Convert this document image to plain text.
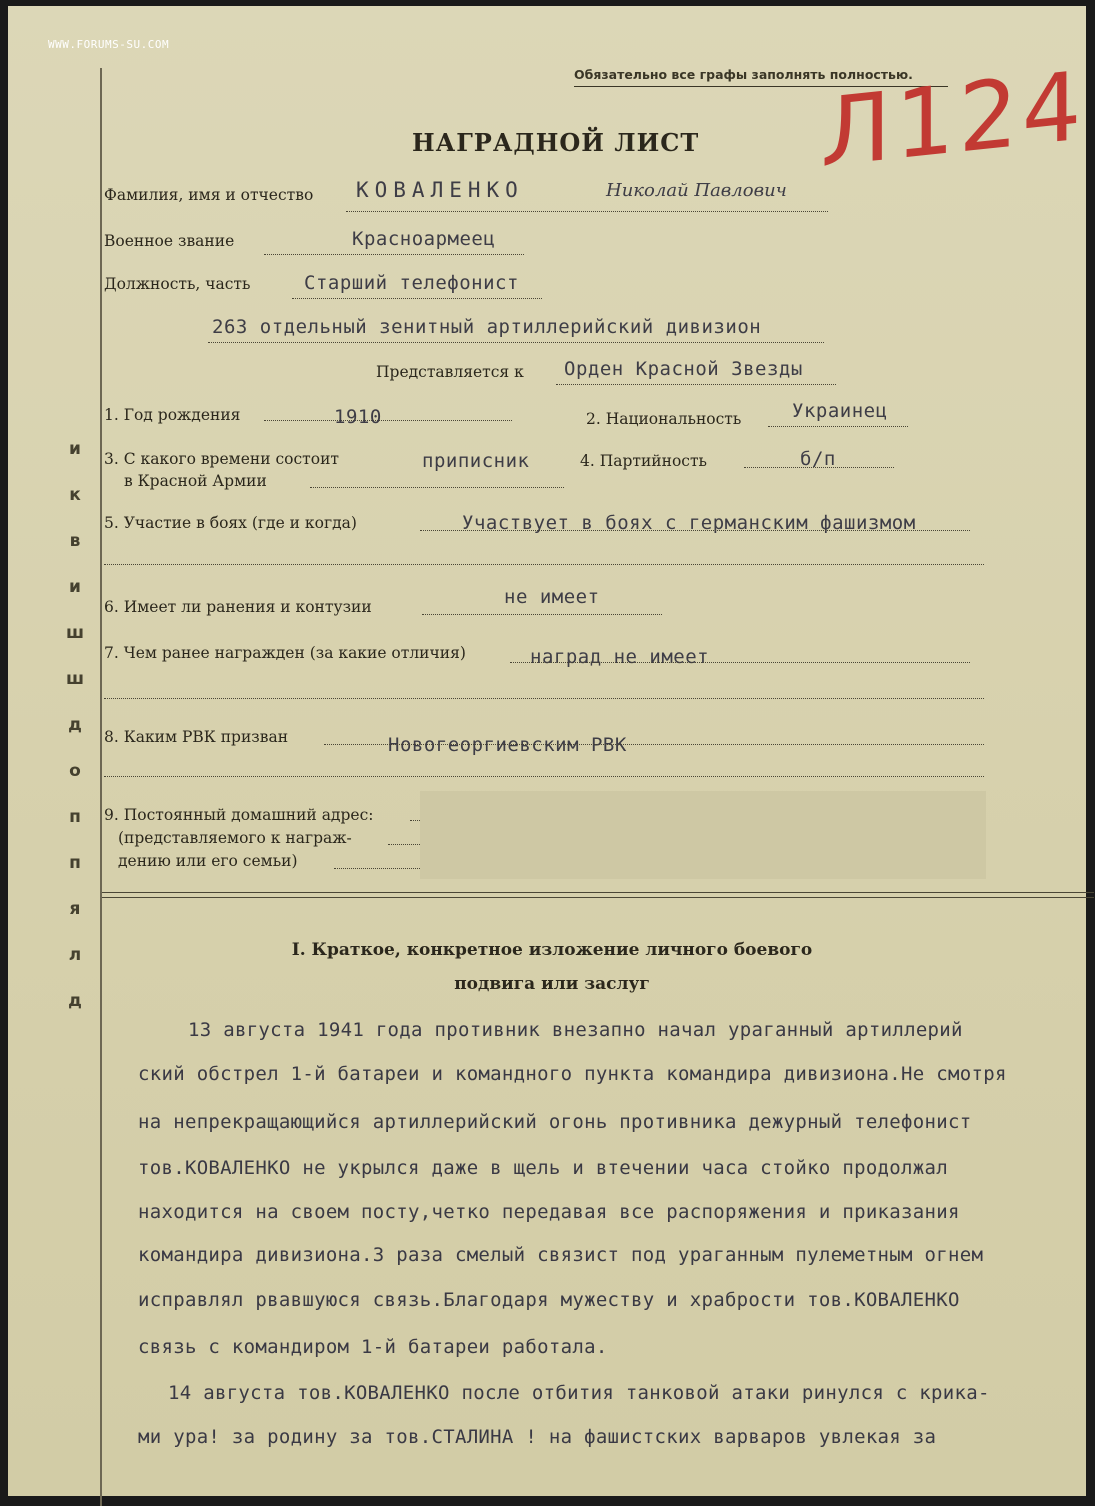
WWW.FORUMS-SU.COM
и
к
в
и
ш
ш
д
о
п
п
я
л
д
Обязательно все графы заполнять полностью.
Л124
НАГРАДНОЙ ЛИСТ
Фамилия, имя и отчество КОВАЛЕНКО	Николай Павлович
Военное звание	Красноармеец
Должность, часть	Старший телефонист
263 отдельный зенитный артиллерийский дивизион
Представляется к Орден Красной Звезды
1. Год рождения	1910	2. Национальность	Украинец
3. С какого времени состоит
в Красной Армии
приписник	4. Партийность	б/п
5. Участие в боях (где и когда)	Участвует в боях с германским фашизмом
6. Имеет ли ранения и контузии	не имеет
7. Чем ранее награжден (за какие отличия)	наград не имеет
8. Каким РВК призван	Новогеоргиевским РВК
9. Постоянный домашний адрес:
(представляемого к награж-
дению или его семьи)
I. Краткое, конкретное изложение личного боевого
подвига или заслуг
13 августа 1941 года противник внезапно начал ураганный артиллерий
ский обстрел 1-й батареи и командного пункта командира дивизиона.Не смотря
на непрекращающийся артиллерийский огонь противника дежурный телефонист
тов.КОВАЛЕНКО не укрылся даже в щель и втечении часа стойко продолжал
находится на своем посту,четко передавая все распоряжения и приказания
командира дивизиона.3 раза смелый связист под ураганным пулеметным огнем
исправлял рвавшуюся связь.Благодаря мужеству и храбрости тов.КОВАЛЕНКО
связь с командиром 1-й батареи работала.
14 августа тов.КОВАЛЕНКО после отбития танковой атаки ринулся с крика-
ми ура! за родину за тов.СТАЛИНА ! на фашистских варваров увлекая за
